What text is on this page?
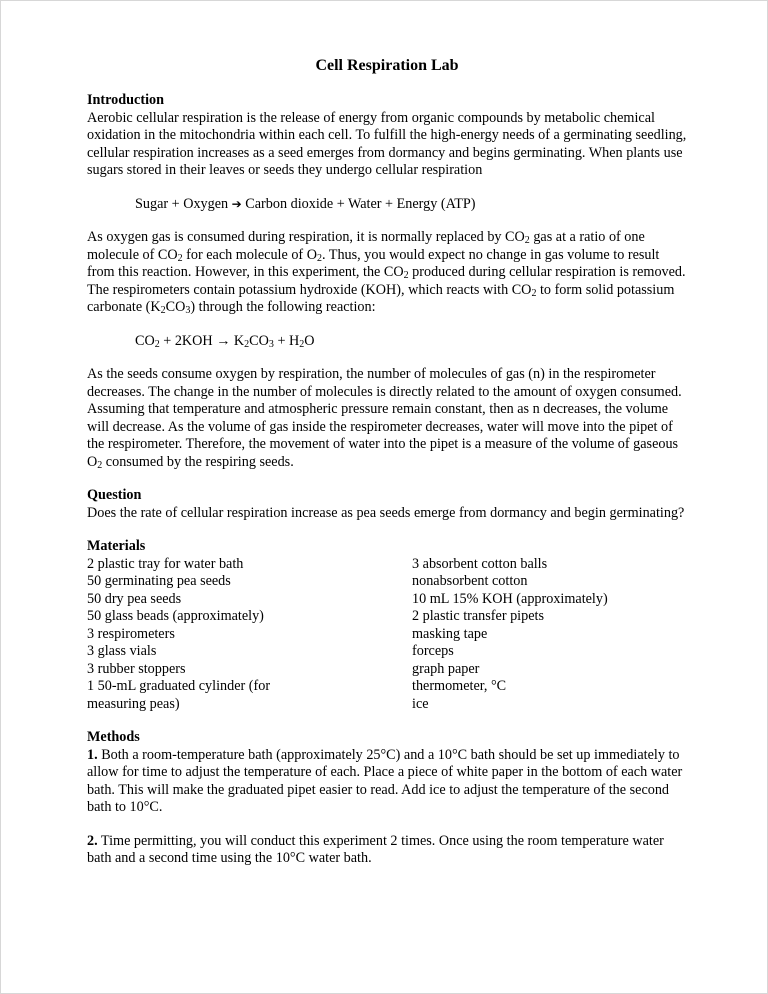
Cell Respiration Lab

Introduction

Aerobic cellular respiration is the release of energy from organic compounds by metabolic chemical oxidation in the mitochondria within each cell. To fulfill the high-energy needs of a germinating seedling, cellular respiration increases as a seed emerges from dormancy and begins germinating. When plants use sugars stored in their leaves or seeds they undergo cellular respiration

Sugar + Oxygen ➔ Carbon dioxide + Water + Energy (ATP)

As oxygen gas is consumed during respiration, it is normally replaced by $CO_2$ gas at a ratio of one molecule of $CO_2$ for each molecule of $O_2$. Thus, you would expect no change in gas volume to result from this reaction. However, in this experiment, the $CO_2$ produced during cellular respiration is removed. The respirometers contain potassium hydroxide (KOH), which reacts with $CO_2$ to form solid potassium carbonate $(K_2CO_3)$ through the following reaction:

$CO_2 + 2KOH \to K_2CO_3 + H_2O$

As the seeds consume oxygen by respiration, the number of molecules of gas (n) in the respirometer decreases. The change in the number of molecules is directly related to the amount of oxygen consumed. Assuming that temperature and atmospheric pressure remain constant, then as n decreases, the volume will decrease. As the volume of gas inside the respirometer decreases, water will move into the pipet of the respirometer. Therefore, the movement of water into the pipet is a measure of the volume of gaseous $O_2$ consumed by the respiring seeds.

Question

Does the rate of cellular respiration increase as pea seeds emerge from dormancy and begin germinating?

Materials

2 plastic tray for water bath
50 germinating pea seeds
50 dry pea seeds
50 glass beads (approximately)
3 respirometers
3 glass vials
3 rubber stoppers
1 50-mL graduated cylinder (for measuring peas)
3 absorbent cotton balls
nonabsorbent cotton
10 mL 15% KOH (approximately)
2 plastic transfer pipets
masking tape
forceps
graph paper
thermometer, °C
ice

Methods

1. Both a room-temperature bath (approximately 25°C) and a 10°C bath should be set up immediately to allow for time to adjust the temperature of each. Place a piece of white paper in the bottom of each water bath. This will make the graduated pipet easier to read. Add ice to adjust the temperature of the second bath to 10°C.

2. Time permitting, you will conduct this experiment 2 times. Once using the room temperature water bath and a second time using the 10°C water bath.
